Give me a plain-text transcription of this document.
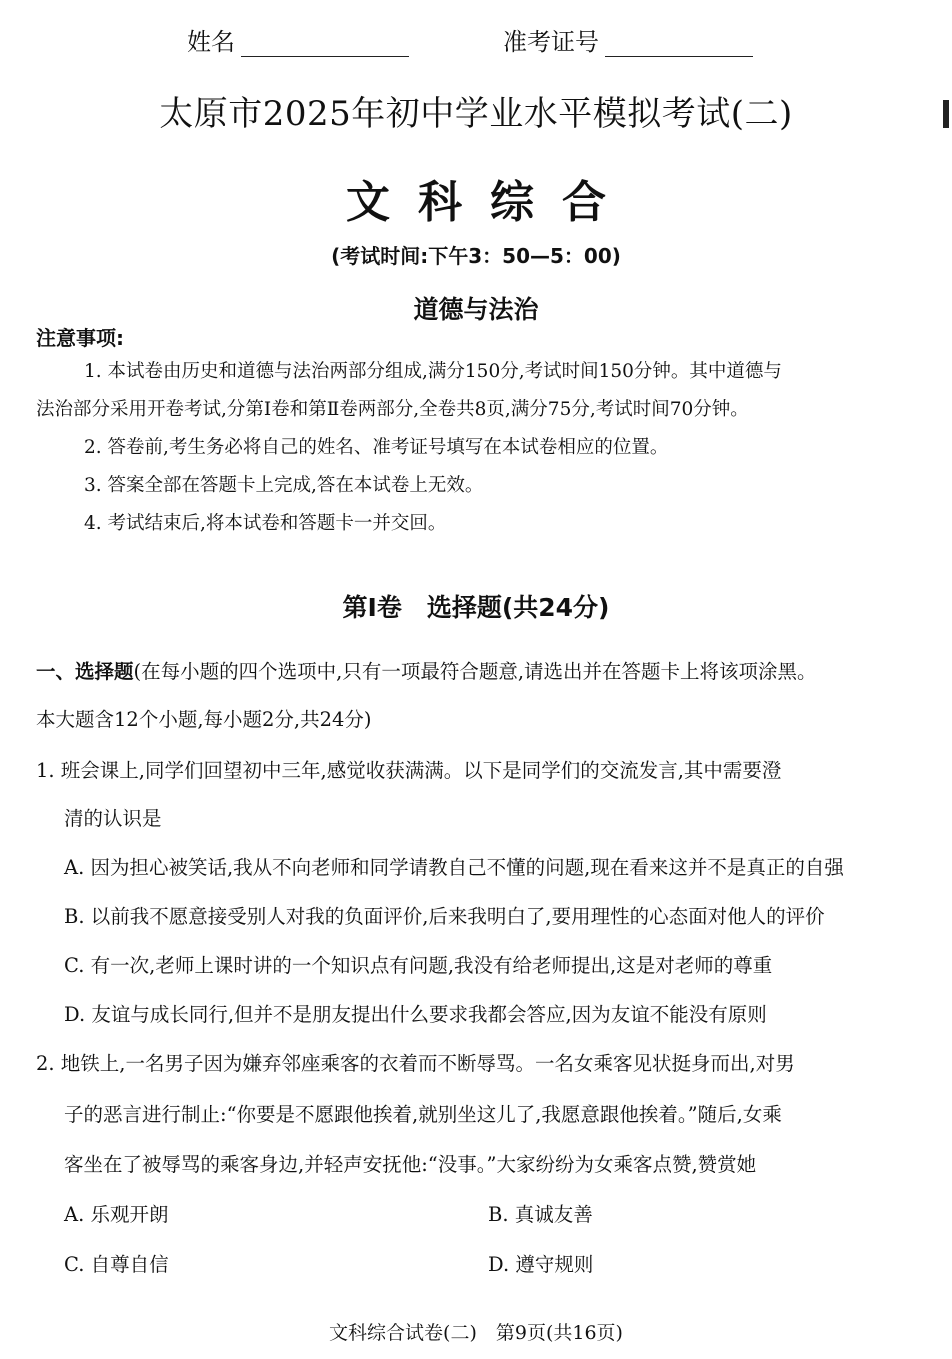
姓名	准考证号
太原市2025年初中学业水平模拟考试(二)
文科综合
(考试时间:下午3：50—5：00)
道德与法治
注意事项:
1. 本试卷由历史和道德与法治两部分组成,满分150分,考试时间150分钟。其中道德与
法治部分采用开卷考试,分第Ⅰ卷和第Ⅱ卷两部分,全卷共8页,满分75分,考试时间70分钟。
2. 答卷前,考生务必将自己的姓名、准考证号填写在本试卷相应的位置。
3. 答案全部在答题卡上完成,答在本试卷上无效。
4. 考试结束后,将本试卷和答题卡一并交回。
第Ⅰ卷　选择题(共24分)
一、选择题(在每小题的四个选项中,只有一项最符合题意,请选出并在答题卡上将该项涂黑。
本大题含12个小题,每小题2分,共24分)
1. 班会课上,同学们回望初中三年,感觉收获满满。以下是同学们的交流发言,其中需要澄
清的认识是
A. 因为担心被笑话,我从不向老师和同学请教自己不懂的问题,现在看来这并不是真正的自强
B. 以前我不愿意接受别人对我的负面评价,后来我明白了,要用理性的心态面对他人的评价
C. 有一次,老师上课时讲的一个知识点有问题,我没有给老师提出,这是对老师的尊重
D. 友谊与成长同行,但并不是朋友提出什么要求我都会答应,因为友谊不能没有原则
2. 地铁上,一名男子因为嫌弃邻座乘客的衣着而不断辱骂。一名女乘客见状挺身而出,对男
子的恶言进行制止:“你要是不愿跟他挨着,就别坐这儿了,我愿意跟他挨着。”随后,女乘
客坐在了被辱骂的乘客身边,并轻声安抚他:“没事。”大家纷纷为女乘客点赞,赞赏她
A. 乐观开朗	B. 真诚友善
C. 自尊自信	D. 遵守规则
文科综合试卷(二)　第9页(共16页)
